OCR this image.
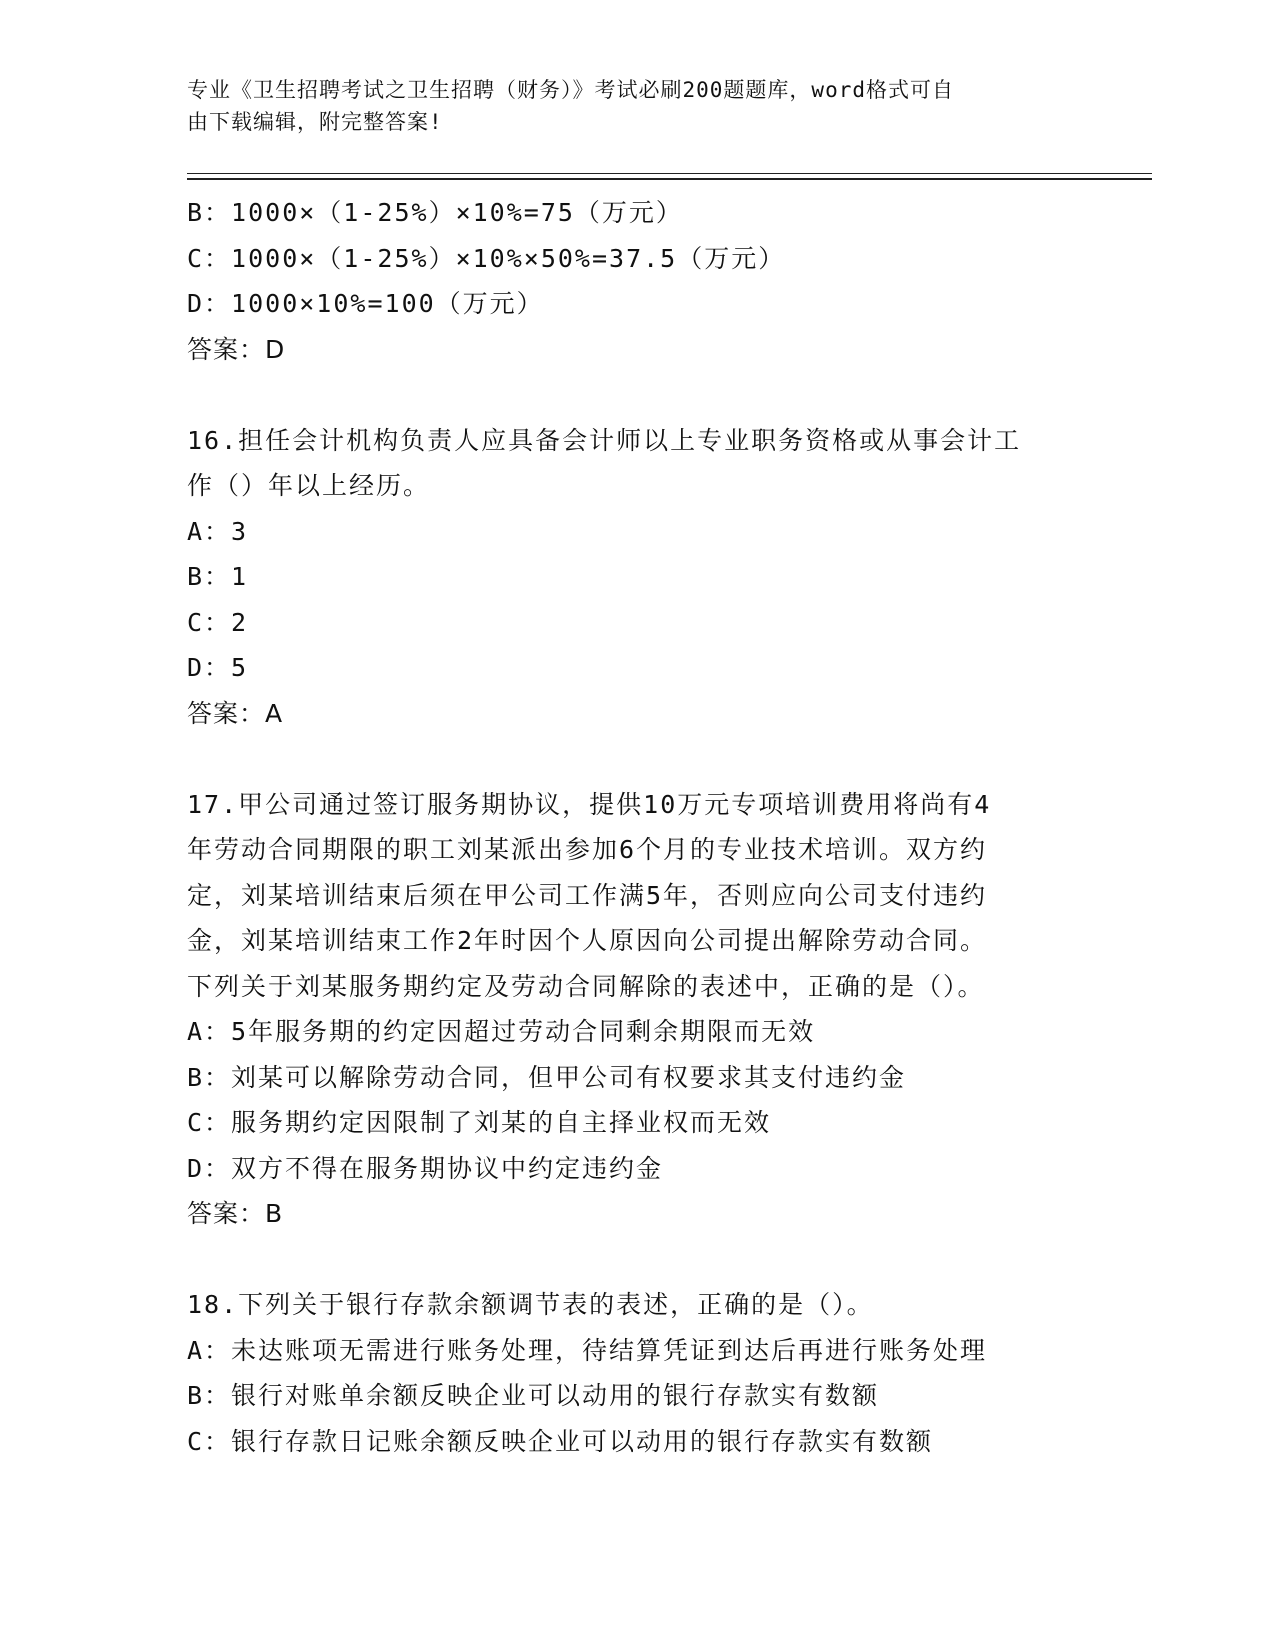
专业《卫生招聘考试之卫生招聘（财务）》考试必刷200题题库，word格式可自
由下载编辑，附完整答案!
B：1000×（1-25%）×10%=75（万元）
C：1000×（1-25%）×10%×50%=37.5（万元）
D：1000×10%=100（万元）
答案：D
16.担任会计机构负责人应具备会计师以上专业职务资格或从事会计工
作（）年以上经历。
A：3
B：1
C：2
D：5
答案：A
17.甲公司通过签订服务期协议，提供10万元专项培训费用将尚有4
年劳动合同期限的职工刘某派出参加6个月的专业技术培训。双方约
定，刘某培训结束后须在甲公司工作满5年，否则应向公司支付违约
金，刘某培训结束工作2年时因个人原因向公司提出解除劳动合同。
下列关于刘某服务期约定及劳动合同解除的表述中，正确的是（）。
A：5年服务期的约定因超过劳动合同剩余期限而无效
B：刘某可以解除劳动合同，但甲公司有权要求其支付违约金
C：服务期约定因限制了刘某的自主择业权而无效
D：双方不得在服务期协议中约定违约金
答案：B
18.下列关于银行存款余额调节表的表述，正确的是（）。
A：未达账项无需进行账务处理，待结算凭证到达后再进行账务处理
B：银行对账单余额反映企业可以动用的银行存款实有数额
C：银行存款日记账余额反映企业可以动用的银行存款实有数额
